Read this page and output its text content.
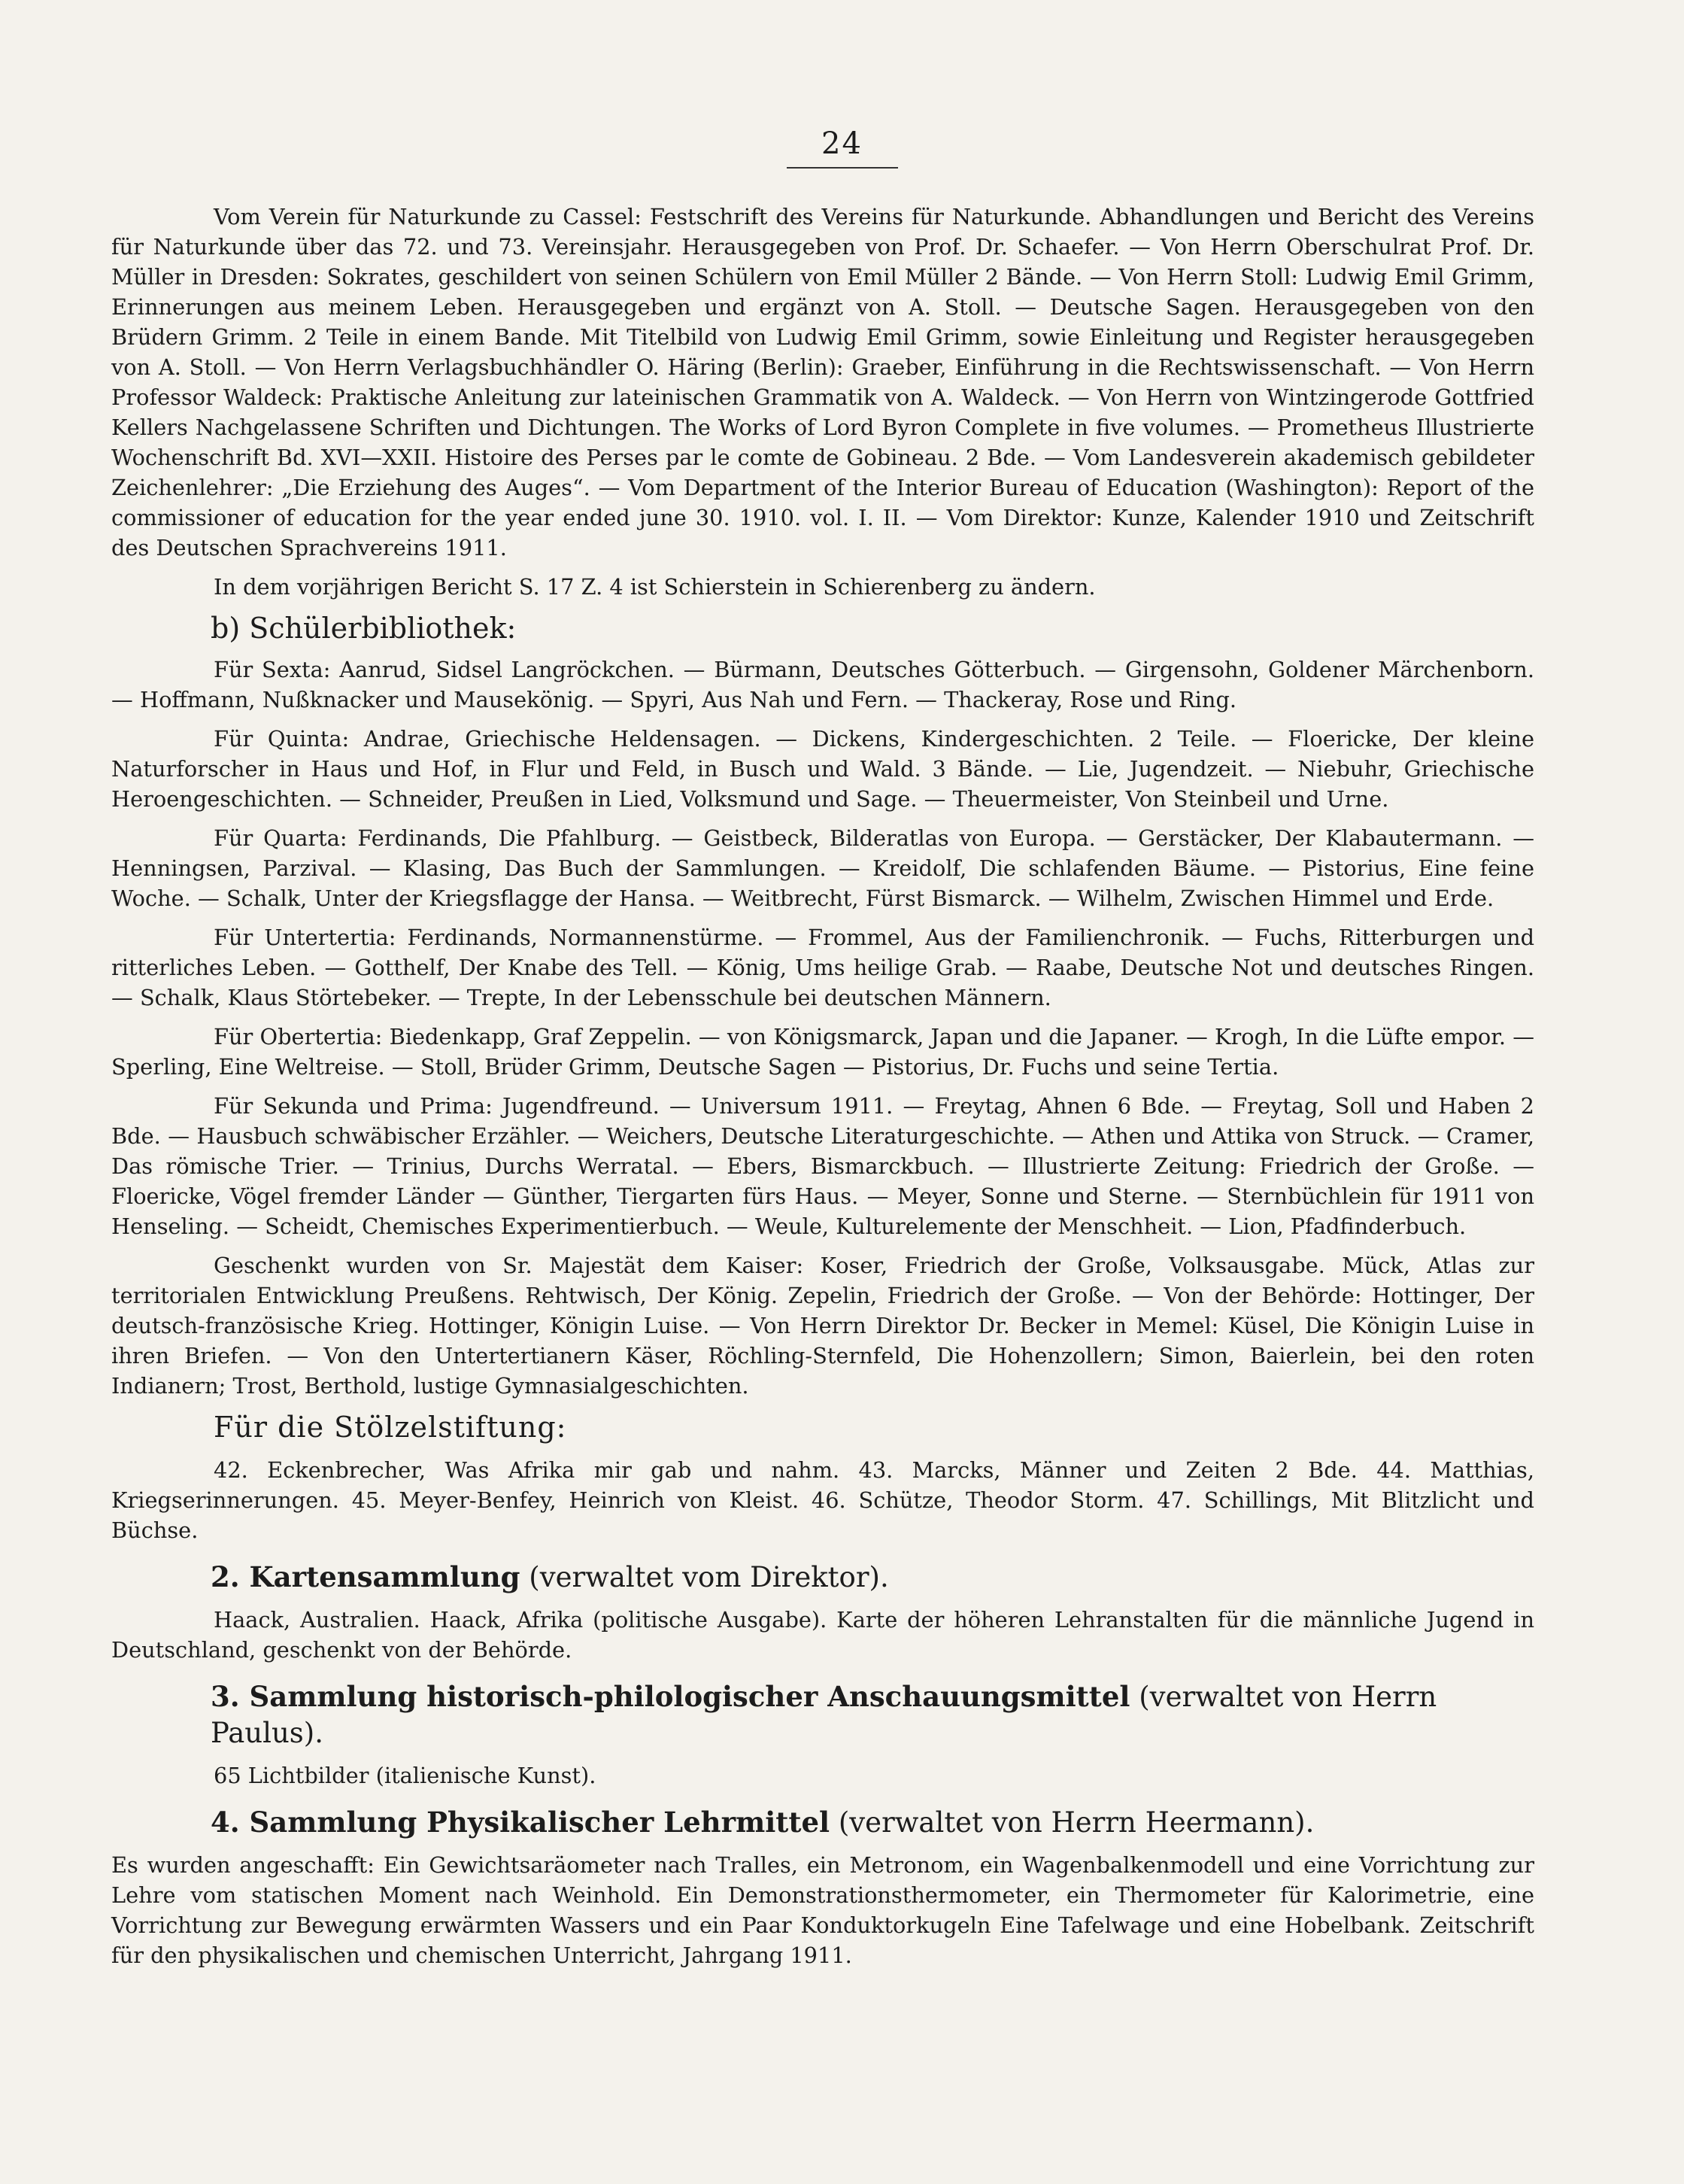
24

Vom Verein für Naturkunde zu Cassel: Festschrift des Vereins für Naturkunde. Abhandlungen und Bericht des Vereins für Naturkunde über das 72. und 73. Vereinsjahr. Herausgegeben von Prof. Dr. Schaefer. — Von Herrn Oberschulrat Prof. Dr. Müller in Dresden: Sokrates, geschildert von seinen Schülern von Emil Müller 2 Bände. — Von Herrn Stoll: Ludwig Emil Grimm, Erinnerungen aus meinem Leben. Herausgegeben und ergänzt von A. Stoll. — Deutsche Sagen. Herausgegeben von den Brüdern Grimm. 2 Teile in einem Bande. Mit Titelbild von Ludwig Emil Grimm, sowie Einleitung und Register herausgegeben von A. Stoll. — Von Herrn Verlagsbuchhändler O. Häring (Berlin): Graeber, Einführung in die Rechtswissenschaft. — Von Herrn Professor Waldeck: Praktische Anleitung zur lateinischen Grammatik von A. Waldeck. — Von Herrn von Wintzingerode Gottfried Kellers Nachgelassene Schriften und Dichtungen. The Works of Lord Byron Complete in five volumes. — Prometheus Illustrierte Wochenschrift Bd. XVI—XXII. Histoire des Perses par le comte de Gobineau. 2 Bde. — Vom Landesverein akademisch gebildeter Zeichenlehrer: „Die Erziehung des Auges“. — Vom Department of the Interior Bureau of Education (Washington): Report of the commissioner of education for the year ended june 30. 1910. vol. I. II. — Vom Direktor: Kunze, Kalender 1910 und Zeitschrift des Deutschen Sprachvereins 1911.

In dem vorjährigen Bericht S. 17 Z. 4 ist Schierstein in Schierenberg zu ändern.

b) Schülerbibliothek:

Für Sexta: Aanrud, Sidsel Langröckchen. — Bürmann, Deutsches Götterbuch. — Girgensohn, Goldener Märchenborn. — Hoffmann, Nußknacker und Mausekönig. — Spyri, Aus Nah und Fern. — Thackeray, Rose und Ring.

Für Quinta: Andrae, Griechische Heldensagen. — Dickens, Kindergeschichten. 2 Teile. — Floericke, Der kleine Naturforscher in Haus und Hof, in Flur und Feld, in Busch und Wald. 3 Bände. — Lie, Jugendzeit. — Niebuhr, Griechische Heroengeschichten. — Schneider, Preußen in Lied, Volksmund und Sage. — Theuermeister, Von Steinbeil und Urne.

Für Quarta: Ferdinands, Die Pfahlburg. — Geistbeck, Bilderatlas von Europa. — Gerstäcker, Der Klabautermann. — Henningsen, Parzival. — Klasing, Das Buch der Sammlungen. — Kreidolf, Die schlafenden Bäume. — Pistorius, Eine feine Woche. — Schalk, Unter der Kriegsflagge der Hansa. — Weitbrecht, Fürst Bismarck. — Wilhelm, Zwischen Himmel und Erde.

Für Untertertia: Ferdinands, Normannenstürme. — Frommel, Aus der Familienchronik. — Fuchs, Ritterburgen und ritterliches Leben. — Gotthelf, Der Knabe des Tell. — König, Ums heilige Grab. — Raabe, Deutsche Not und deutsches Ringen. — Schalk, Klaus Störtebeker. — Trepte, In der Lebensschule bei deutschen Männern.

Für Obertertia: Biedenkapp, Graf Zeppelin. — von Königsmarck, Japan und die Japaner. — Krogh, In die Lüfte empor. — Sperling, Eine Weltreise. — Stoll, Brüder Grimm, Deutsche Sagen — Pistorius, Dr. Fuchs und seine Tertia.

Für Sekunda und Prima: Jugendfreund. — Universum 1911. — Freytag, Ahnen 6 Bde. — Freytag, Soll und Haben 2 Bde. — Hausbuch schwäbischer Erzähler. — Weichers, Deutsche Literaturgeschichte. — Athen und Attika von Struck. — Cramer, Das römische Trier. — Trinius, Durchs Werratal. — Ebers, Bismarckbuch. — Illustrierte Zeitung: Friedrich der Große. — Floericke, Vögel fremder Länder — Günther, Tiergarten fürs Haus. — Meyer, Sonne und Sterne. — Sternbüchlein für 1911 von Henseling. — Scheidt, Chemisches Experimentierbuch. — Weule, Kulturelemente der Menschheit. — Lion, Pfadfinderbuch.

Geschenkt wurden von Sr. Majestät dem Kaiser: Koser, Friedrich der Große, Volksausgabe. Mück, Atlas zur territorialen Entwicklung Preußens. Rehtwisch, Der König. Zepelin, Friedrich der Große. — Von der Behörde: Hottinger, Der deutsch-französische Krieg. Hottinger, Königin Luise. — Von Herrn Direktor Dr. Becker in Memel: Küsel, Die Königin Luise in ihren Briefen. — Von den Untertertianern Käser, Röchling-Sternfeld, Die Hohenzollern; Simon, Baierlein, bei den roten Indianern; Trost, Berthold, lustige Gymnasialgeschichten.

Für die Stölzelstiftung:

42. Eckenbrecher, Was Afrika mir gab und nahm. 43. Marcks, Männer und Zeiten 2 Bde. 44. Matthias, Kriegserinnerungen. 45. Meyer-Benfey, Heinrich von Kleist. 46. Schütze, Theodor Storm. 47. Schillings, Mit Blitzlicht und Büchse.

2. Kartensammlung (verwaltet vom Direktor).

Haack, Australien. Haack, Afrika (politische Ausgabe). Karte der höheren Lehranstalten für die männliche Jugend in Deutschland, geschenkt von der Behörde.

3. Sammlung historisch-philologischer Anschauungsmittel (verwaltet von Herrn Paulus).

65 Lichtbilder (italienische Kunst).

4. Sammlung Physikalischer Lehrmittel (verwaltet von Herrn Heermann).

Es wurden angeschafft: Ein Gewichtsaräometer nach Tralles, ein Metronom, ein Wagenbalkenmodell und eine Vorrichtung zur Lehre vom statischen Moment nach Weinhold. Ein Demonstrationsthermometer, ein Thermometer für Kalorimetrie, eine Vorrichtung zur Bewegung erwärmten Wassers und ein Paar Konduktorkugeln Eine Tafelwage und eine Hobelbank. Zeitschrift für den physikalischen und chemischen Unterricht, Jahrgang 1911.
